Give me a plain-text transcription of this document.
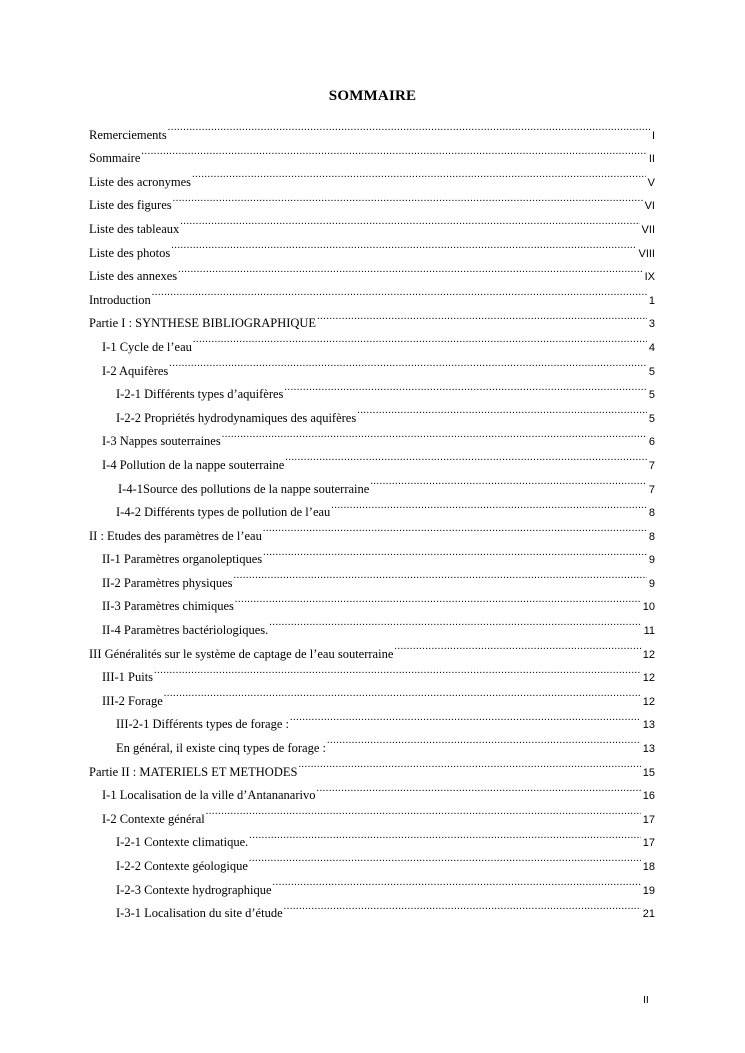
SOMMAIRE
Remerciements .....	I
Sommaire .....	II
Liste des acronymes .....	V
Liste des figures .....	VI
Liste des tableaux .....	VII
Liste des photos .....	VIII
Liste des annexes .....	IX
Introduction .....	1
Partie I : SYNTHESE BIBLIOGRAPHIQUE .....	3
I-1 Cycle de l’eau .....	4
I-2 Aquifères .....	5
I-2-1 Différents types d’aquifères .....	5
I-2-2 Propriétés hydrodynamiques des aquifères .....	5
I-3 Nappes souterraines .....	6
I-4 Pollution de la nappe souterraine .....	7
I-4-1Source des pollutions de la nappe souterraine .....	7
I-4-2 Différents types de pollution de l’eau .....	8
II : Etudes des paramètres de l’eau .....	8
II-1 Paramètres organoleptiques .....	9
II-2 Paramètres physiques .....	9
II-3 Paramètres chimiques .....	10
II-4 Paramètres bactériologiques. .....	11
III Généralités sur le système de captage de l’eau souterraine .....	12
III-1 Puits .....	12
III-2 Forage .....	12
III-2-1 Différents types de forage : .....	13
En général, il existe cinq types de forage : .....	13
Partie II : MATERIELS ET METHODES .....	15
I-1 Localisation de la ville d’Antananarivo .....	16
I-2 Contexte général .....	17
I-2-1 Contexte climatique. .....	17
I-2-2 Contexte géologique .....	18
I-2-3 Contexte hydrographique .....	19
I-3-1 Localisation du site d’étude .....	21
II
